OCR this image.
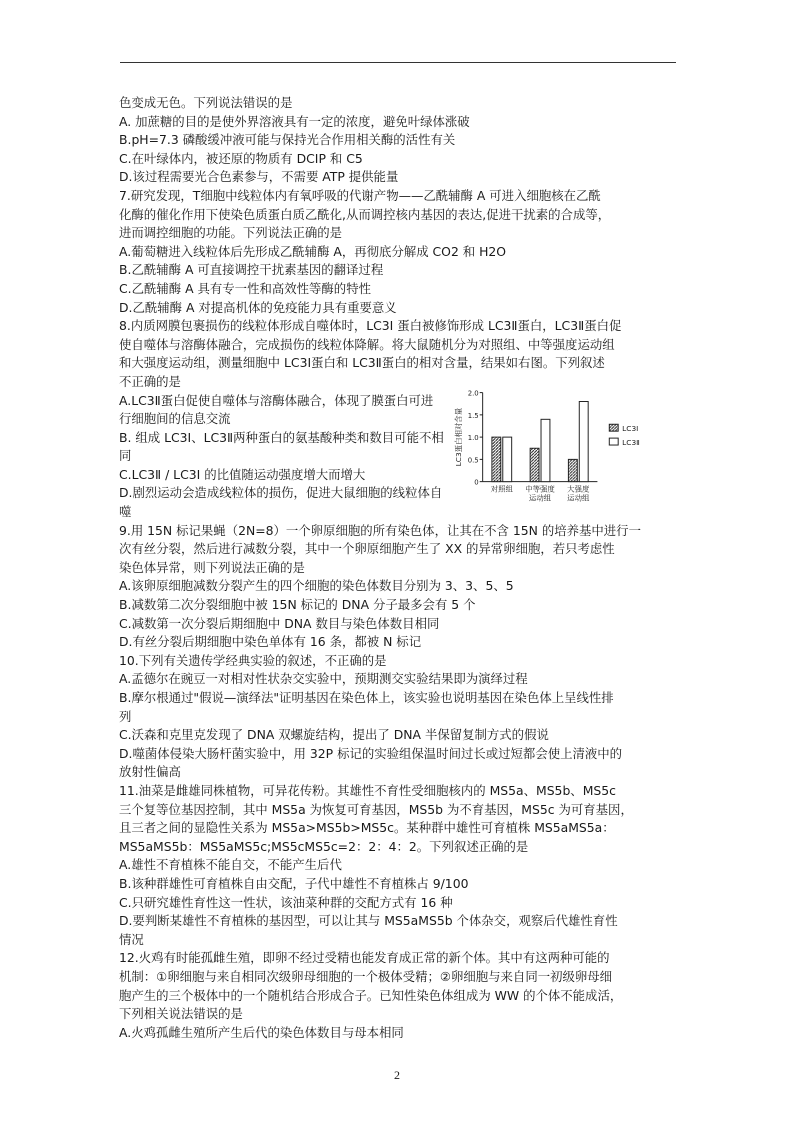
色变成无色。下列说法错误的是
A. 加蔗糖的目的是使外界溶液具有一定的浓度，避免叶绿体涨破
B.pH=7.3 磷酸缓冲液可能与保持光合作用相关酶的活性有关
C.在叶绿体内，被还原的物质有 DCIP 和 C5
D.该过程需要光合色素参与，不需要 ATP 提供能量
7.研究发现，T细胞中线粒体内有氧呼吸的代谢产物——乙酰辅酶 A 可进入细胞核在乙酰
化酶的催化作用下使染色质蛋白质乙酰化,从而调控核内基因的表达,促进干扰素的合成等，
进而调控细胞的功能。下列说法正确的是
A.葡萄糖进入线粒体后先形成乙酰辅酶 A，再彻底分解成 CO2 和 H2O
B.乙酰辅酶 A 可直接调控干扰素基因的翻译过程
C.乙酰辅酶 A 具有专一性和高效性等酶的特性
D.乙酰辅酶 A 对提高机体的免疫能力具有重要意义
8.内质网膜包裹损伤的线粒体形成自噬体时，LC3I 蛋白被修饰形成 LC3Ⅱ蛋白，LC3Ⅱ蛋白促
使自噬体与溶酶体融合，完成损伤的线粒体降解。将大鼠随机分为对照组、中等强度运动组
和大强度运动组，测量细胞中 LC3Ⅰ蛋白和 LC3Ⅱ蛋白的相对含量，结果如右图。下列叙述
不正确的是
A.LC3Ⅱ蛋白促使自噬体与溶酶体融合，体现了膜蛋白可进行细胞间的信息交流
B. 组成 LC3Ⅰ、LC3Ⅱ两种蛋白的氨基酸种类和数目可能不相同
C.LC3Ⅱ / LC3I 的比值随运动强度增大而增大
D.剧烈运动会造成线粒体的损伤，促进大鼠细胞的线粒体自噬
0
0.5
1.0
1.5
2.0
LC3蛋白相对含量
对照组 中等强度
运动组
大强度
运动组
LC3Ⅰ
LC3Ⅱ
9.用 15N 标记果蝇（2N=8）一个卵原细胞的所有染色体，让其在不含 15N 的培养基中进行一
次有丝分裂，然后进行减数分裂，其中一个卵原细胞产生了 XX 的异常卵细胞，若只考虑性
染色体异常，则下列说法正确的是
A.该卵原细胞减数分裂产生的四个细胞的染色体数目分别为 3、3、5、5
B.减数第二次分裂细胞中被 15N 标记的 DNA 分子最多会有 5 个
C.减数第一次分裂后期细胞中 DNA 数目与染色体数目相同
D.有丝分裂后期细胞中染色单体有 16 条，都被 N 标记
10.下列有关遗传学经典实验的叙述，不正确的是
A.孟德尔在豌豆一对相对性状杂交实验中，预期测交实验结果即为演绎过程
B.摩尔根通过"假说—演绎法"证明基因在染色体上，该实验也说明基因在染色体上呈线性排
列
C.沃森和克里克发现了 DNA 双螺旋结构，提出了 DNA 半保留复制方式的假说
D.噬菌体侵染大肠杆菌实验中，用 32P 标记的实验组保温时间过长或过短都会使上清液中的
放射性偏高
11.油菜是雌雄同株植物，可异花传粉。其雄性不育性受细胞核内的 MS5a、MS5b、MS5c
三个复等位基因控制，其中 MS5a 为恢复可育基因，MS5b 为不育基因，MS5c 为可育基因，
且三者之间的显隐性关系为 MS5a>MS5b>MS5c。某种群中雄性可育植株 MS5aMS5a：
MS5aMS5b：MS5aMS5c;MS5cMS5c=2：2：4：2。下列叙述正确的是
A.雄性不育植株不能自交，不能产生后代
B.该种群雄性可育植株自由交配，子代中雄性不育植株占 9/100
C.只研究雄性育性这一性状，该油菜种群的交配方式有 16 种
D.要判断某雄性不育植株的基因型，可以让其与 MS5aMS5b 个体杂交，观察后代雄性育性
情况
12.火鸡有时能孤雌生殖，即卵不经过受精也能发育成正常的新个体。其中有这两种可能的
机制：①卵细胞与来自相同次级卵母细胞的一个极体受精；②卵细胞与来自同一初级卵母细
胞产生的三个极体中的一个随机结合形成合子。已知性染色体组成为 WW 的个体不能成活，
下列相关说法错误的是
A.火鸡孤雌生殖所产生后代的染色体数目与母本相同
2
